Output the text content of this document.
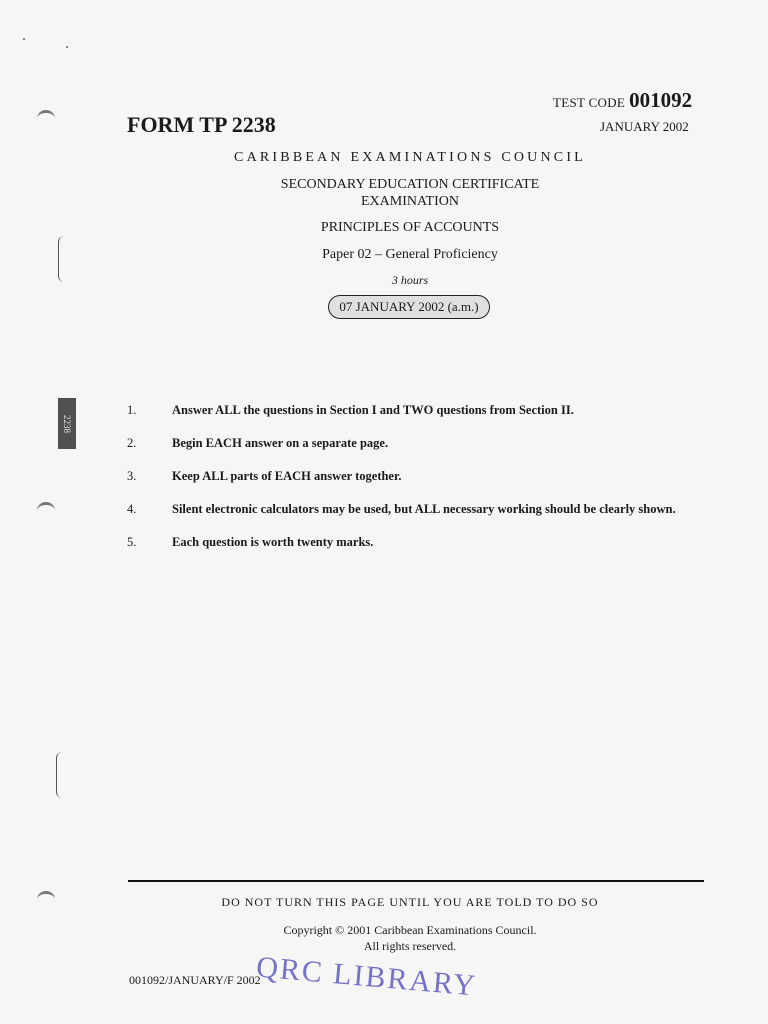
TEST CODE 001092
FORM TP 2238	JANUARY 2002
CARIBBEAN EXAMINATIONS COUNCIL
SECONDARY EDUCATION CERTIFICATE
EXAMINATION
PRINCIPLES OF ACCOUNTS
Paper 02 – General Proficiency
3 hours
07 JANUARY 2002 (a.m.)
2238
1.	Answer ALL the questions in Section I and TWO questions from Section II.
2.	Begin EACH answer on a separate page.
3.	Keep ALL parts of EACH answer together.
4.	Silent electronic calculators may be used, but ALL necessary working should be clearly shown.
5.	Each question is worth twenty marks.
DO NOT TURN THIS PAGE UNTIL YOU ARE TOLD TO DO SO
Copyright © 2001 Caribbean Examinations Council.
All rights reserved.
001092/JANUARY/F 2002
QRC LIBRARY
